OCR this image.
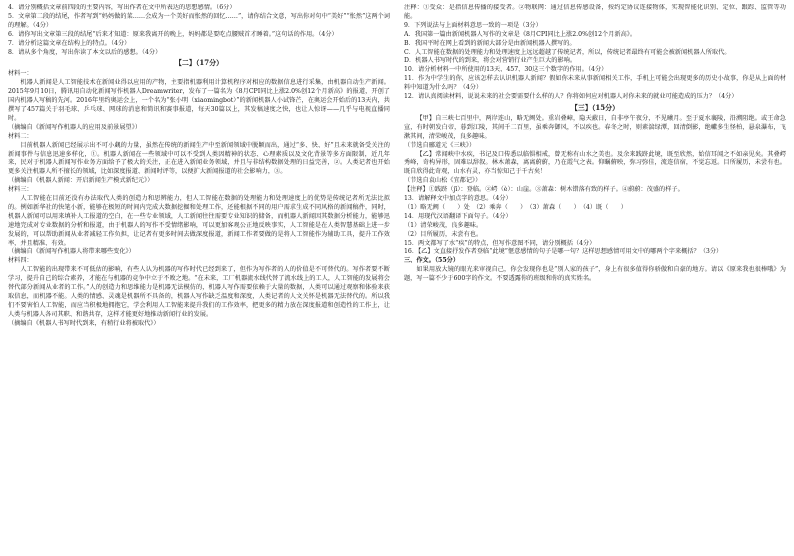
4．请分别概括文章前四段的主要内容，写出作者在文中所表达的思想感情。（6分）

5．文章第二段的结尾，作者写到“妈妈做的菜……会成为一个美好而怅然的回忆……”，请你结合文意，写出你对句中“美好”“怅然”这两个词的理解。（4分）

6．请你写出文章第三段的结尾“后来才知道：原来我离开的晚上，妈妈都是要吃点腰贼首才睡着。”这句话的作用。（4分）

7．请分析这篇文章在结构上的特点。（4分）

8．请从多个角度，写出你读了本文以后的感想。（4分）

【二】（17分）

材料一：

机器人新闻是人工智能技术在新闻业得以应用的产物，主要指机器利用计算机程序对相应的数据信息进行采集，由机器自动生产新闻。2015年9月10日，腾讯用自动化新闻写作机器人Dreamwriter，发布了一篇名为《8月CPI同比上涨2.0%创12个月新高》的报道，开创了国内机器人写稿的先河。2016年里约奥运会上，一个名为“张小明（xiaomingbot）”的新闻机器人小试锋芒，在奥运会开始后的13天内，共撰写了457篇关于羽毛球、乒乓球、网球的消息和简讯和赛事报道，每天30篇以上，其发稿速度之快，也让人惊讶——几乎与电视直播同时。

（摘编自《新闻写作机器人的应用及前景展望》）

材料二：

目前机器人新闻已经展示出不可小觑的力量，虽然在传统的新闻生产中至新闻领域中脱颖而出，通过“多、快、好”且未来就备受关注的新闻事件与信息迅速多样化，①。机器人新闻在一些领域中可以不受到人类因精神的状态、心理素质以及文化背景等多方面限制，近几年来，民对于机器人新闻写作业务方面给予了极大的关注，正在进入新闻业务领域，并且与非结构数据处理的日益完善，②。人类记者也开始更多关注机器人所不擅长的领域，比如深度报道、新闻时评等，以便扩大新闻报道的社会影响力，③。

（摘编自《机器人新闻：开启新闻生产模式新纪元》）

材料三：

人工智能在目前还没有办法取代人类的创造力和思辨能力，但人工智能在数据的处理能力和处理速度上的优势是传统记者所无法比拟的。例如新华社的快笔小新，能够在极短的时间内完成大数据挖掘和处理工作，还能根据不同的用户需求生成不同风格的新闻稿件，同时，机器人新闻可以用来填补人工报道的空白，在一些专业领域，人工新闻往往需要专业知识的储备，而机器人新闻因其数据分析能力，能够迅速地完成对专业数据的分析和报道，由于机器人的写作不受情绪影响，可以更加客观公正地反映事实，人工智能是在人类智慧基础上进一步发展的，可以帮助新闻从业者减轻工作负担，让记者有更多时间去做深度报道，新闻工作者要做的是将人工智能作为辅助工具，提升工作效率，并且精准、有效。

（摘编自《新闻写作机器人将带来哪些变化》）

材料四：

人工智能的出现带来不可低估的影响，有些人认为机器的写作时代已经到来了，但作为写作者的人的价值是不可替代的。写作者要不断学习，提升自己的综合素养，才能在与机器的竞争中立于不败之地。“在未来，工厂机器流水线代替了流水线上的工人，人工智能的发展将会替代部分新闻从业者的工作。”人的创造力和思维能力是机器无法模仿的，机器人写作需要依赖于大量的数据，人类可以通过观察和体验来获取信息，而机器不能。人类的情感、灵魂是机器所不具备的，机器人写作缺乏温度和深度，人类记者的人文关怀是机器无法替代的。所以我们不要害怕人工智能，而应当积极地拥抱它，学会利用人工智能来提升我们的工作效率，把更多的精力放在深度报道和创造性的工作上，让人类与机器人各司其职、和谐共存，这样才能更好地推动新闻行业的发展。

（摘编自《机器人书写时代到来，有稍行业将被取代》）

注释：①受众：是指信息传播的接受者。②物联网：通过信息传感设备，按约定协议连接物体，实现智能化识别、定位、跟踪、监管等功能。

9．下列说法与上面材料意思一致的一项是（3分）

A．我国第一篇由新闻机器人写作的文章是《8月CPI同比上涨2.0%创12个月新高》。

B．我国平时在网上看到的新闻大部分是由新闻机器人撰写的。

C．人工智能在数据的处理能力和处理速度上远远超越了传统记者，所以，传统记者最终有可能会被新闻机器人所取代。

D．机器人书写时代的到来，将会对营销行业产生巨大的影响。

10．请分析材料一中所使用的13天、457、30这三个数字的作用。（4分）

11．作为中学生的你，应该怎样去认识机器人新闻？假如你未来从事新闻相关工作，手机上可能会出现更多的历史小故事，你是从上面的材料中知道为什么吗？（4分）

12．请认真阅读材料，说说未来的社会要需要什么样的人？你将如何应对机器人对你未来的就业可能造成的压力？（4分）

【三】（15分）

【甲】自三峡七百里中，两岸连山，略无阙处。重岩叠嶂，隐天蔽日，自非亭午夜分，不见曦月。至于夏水襄陵，沿溯阻绝。或王命急宣，有时朝发白帝，暮到江陵，其间千二百里，虽乘奔御风，不以疾也。春冬之时，则素湍绿潭，回清倒影，绝巘多生怪柏，悬泉瀑布，飞漱其间，清荣峻茂，良多趣味。

（节选自郦道元《三峡》）

【乙】常闻峡中水疾，书记及口传悉以临惧相戒，曾无称有山水之美也。及余来践跻此境，既至欣然，始信耳闻之不如亲见矣。其叠崿秀峰，奇构异形，固难以辞叙。林木萧森，离离蔚蔚，乃在霞气之表。仰瞩俯映，弥习弥佳，流连信宿，不觉忘返。目所履历，未尝有也。既自欣得此奇观，山水有灵，亦当惊知己于千古矣！

（节选自袁山松《宜都记》）

【注释】①践跻（jī）：登临。②崿（è）：山崖。③萧森：树木错落有致的样子。④蔚蔚：茂盛的样子。

13．请解释文中加点字的意思。（4分）

（1）略无阙（　　）处　（2）乘奔（　　）　（3）萧森（　　）　（4）既（　　）

14．用现代汉语翻译下面句子。（4分）

（1）清荣峻茂，良多趣味。

（2）目所履历，未尝有也。

15．两文都写了水“疾”的特点，但写作意图不同，请分别概括（4分）

16．【乙】文直接抒发作者登临“此境”惬意感情的句子是哪一句？这样思想感情可用文中的哪两个字来概括？（3分）

三、作文。（55分）

如果用放大镜的眼光来审视自己，你会发现你也是“别人家的孩子”，身上有很多值得你骄傲和自豪的地方。请以《原来我也很棒哦》为题，写一篇不少于600字的作文。不要透露你的班级和你的真实姓名。
